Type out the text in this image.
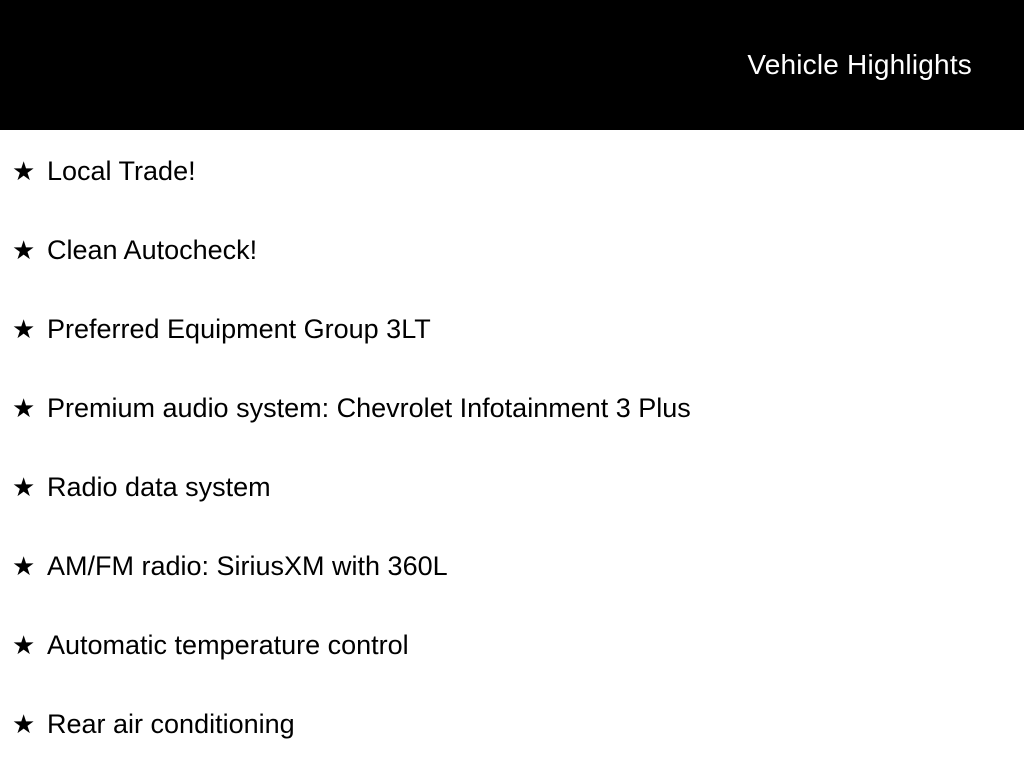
Vehicle Highlights
★ Local Trade!
★ Clean Autocheck!
★ Preferred Equipment Group 3LT
★ Premium audio system: Chevrolet Infotainment 3 Plus
★ Radio data system
★ AM/FM radio: SiriusXM with 360L
★ Automatic temperature control
★ Rear air conditioning
